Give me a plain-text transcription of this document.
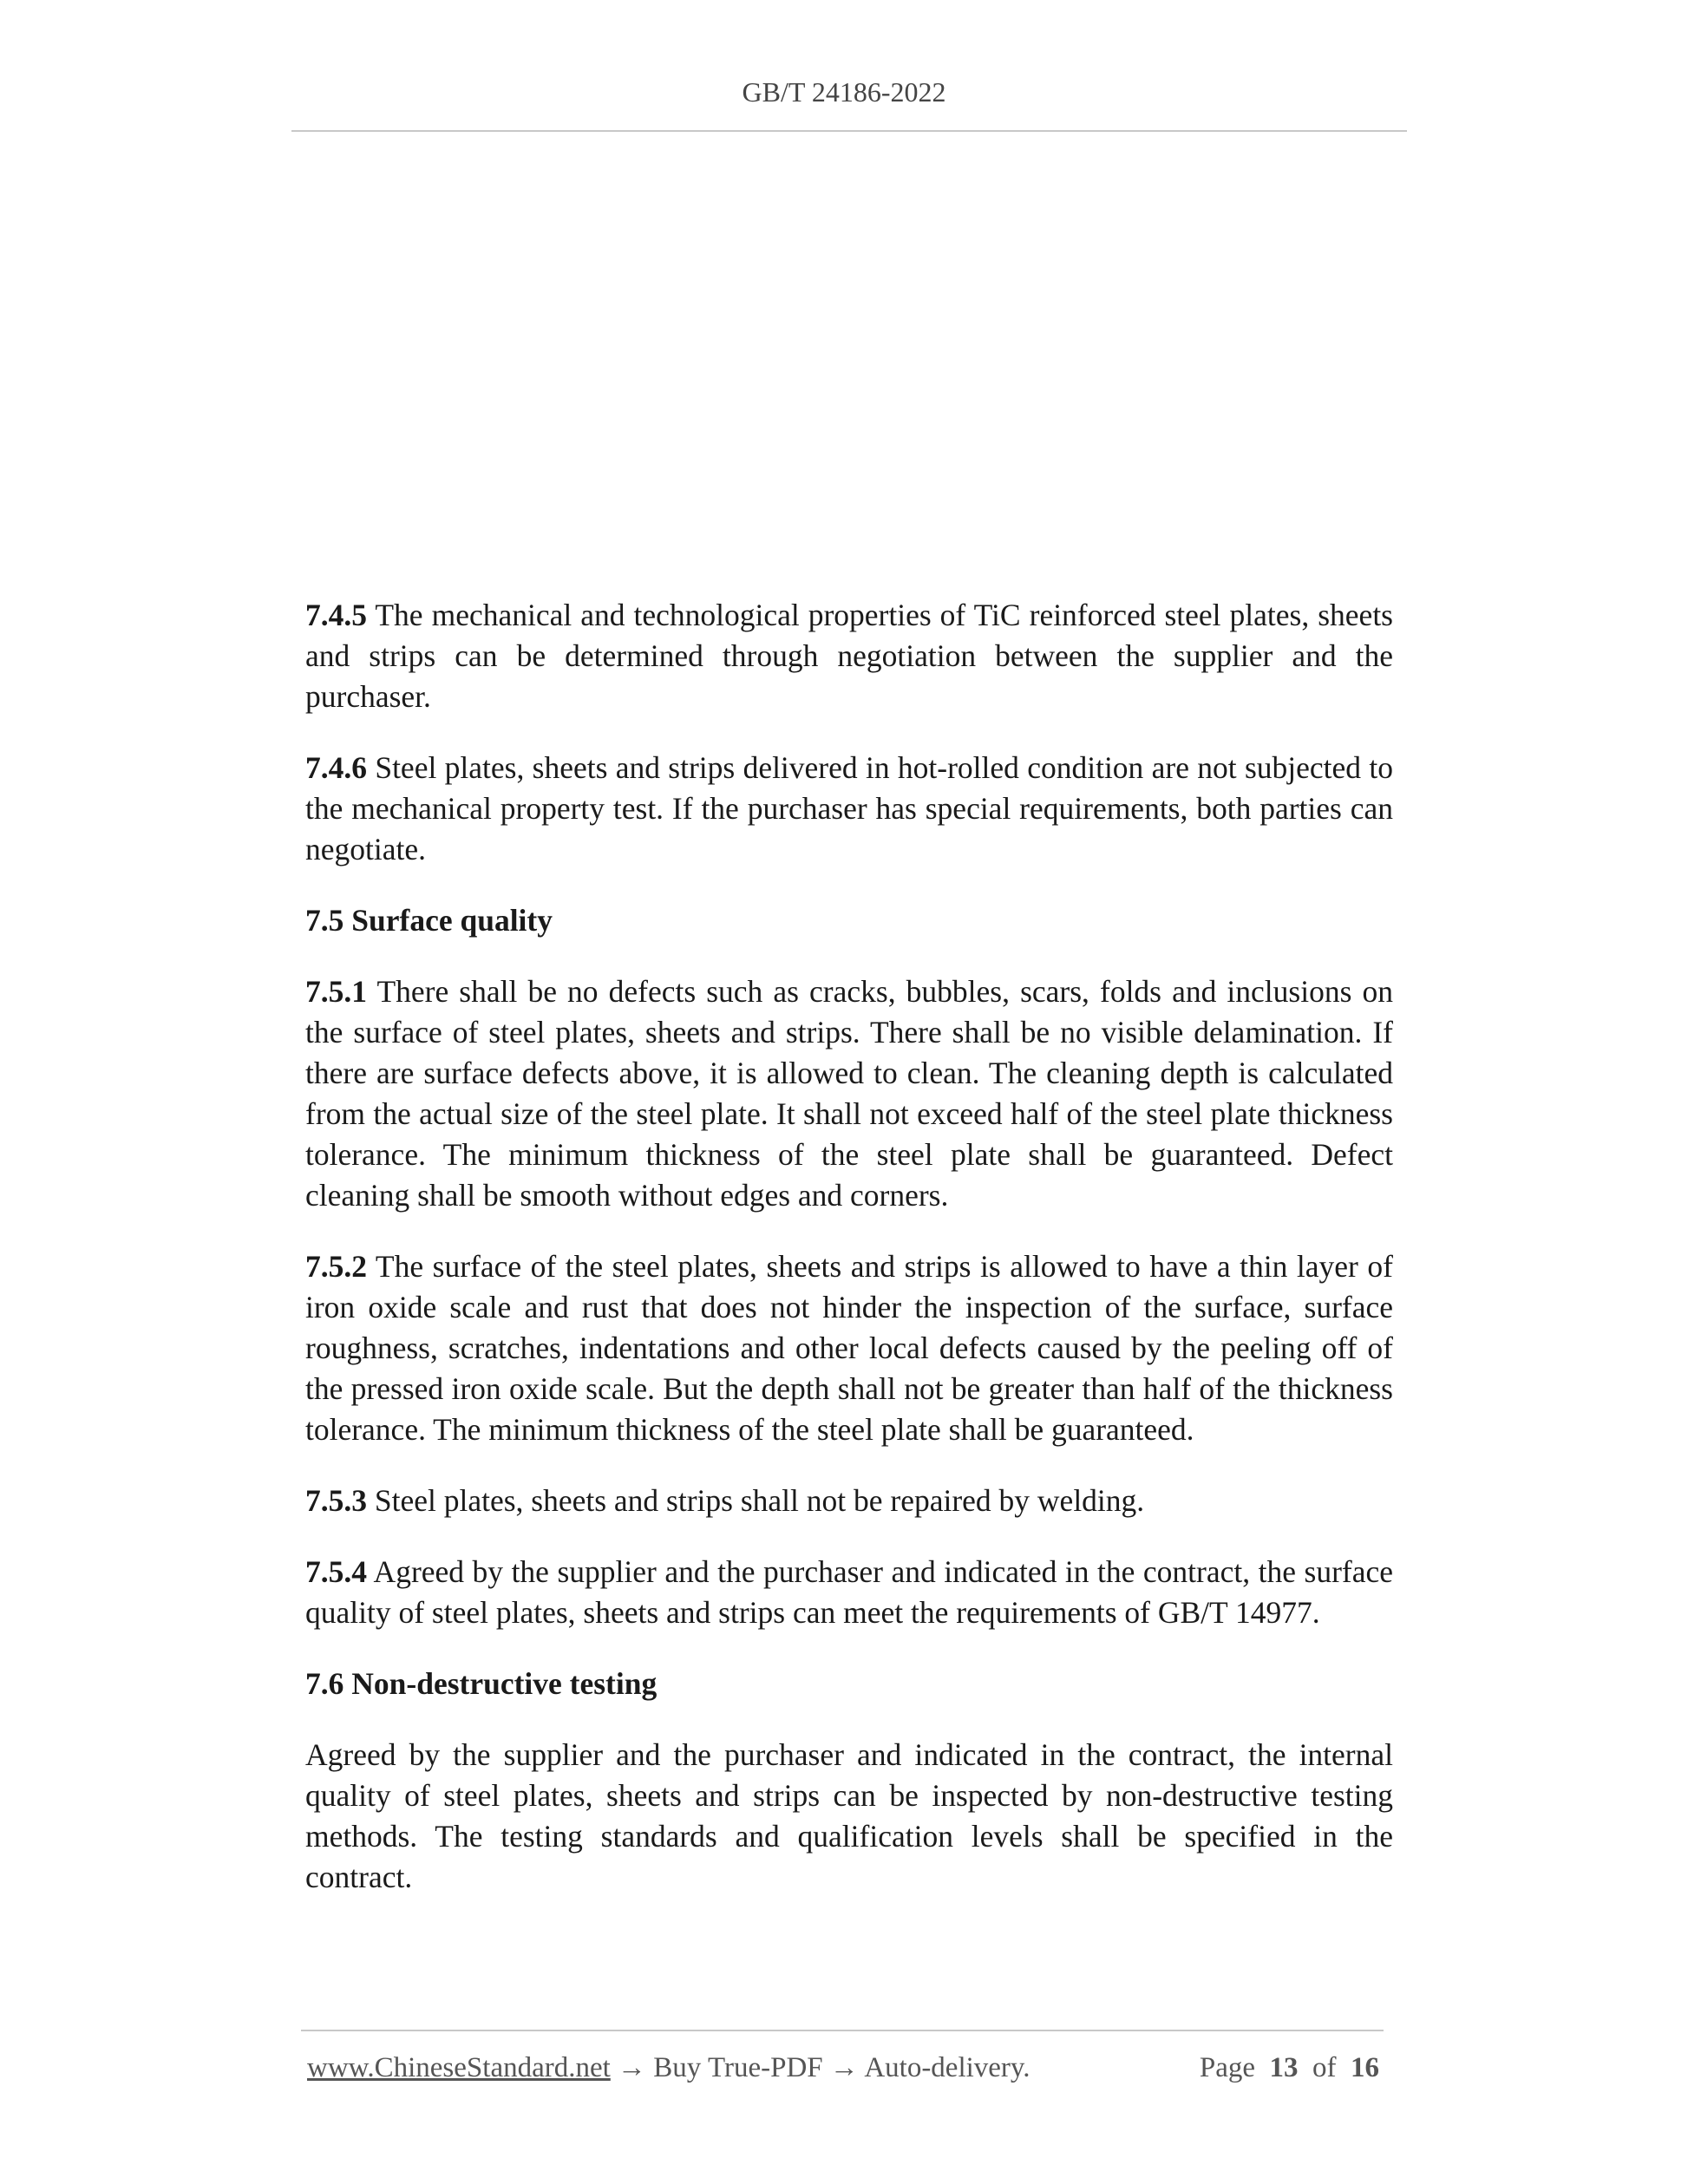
GB/T 24186-2022

7.4.5 The mechanical and technological properties of TiC reinforced steel plates, sheets and strips can be determined through negotiation between the supplier and the purchaser.

7.4.6 Steel plates, sheets and strips delivered in hot-rolled condition are not subjected to the mechanical property test. If the purchaser has special requirements, both parties can negotiate.

7.5 Surface quality

7.5.1 There shall be no defects such as cracks, bubbles, scars, folds and inclusions on the surface of steel plates, sheets and strips. There shall be no visible delamination. If there are surface defects above, it is allowed to clean. The cleaning depth is calculated from the actual size of the steel plate. It shall not exceed half of the steel plate thickness tolerance. The minimum thickness of the steel plate shall be guaranteed. Defect cleaning shall be smooth without edges and corners.

7.5.2 The surface of the steel plates, sheets and strips is allowed to have a thin layer of iron oxide scale and rust that does not hinder the inspection of the surface, surface roughness, scratches, indentations and other local defects caused by the peeling off of the pressed iron oxide scale. But the depth shall not be greater than half of the thickness tolerance. The minimum thickness of the steel plate shall be guaranteed.

7.5.3 Steel plates, sheets and strips shall not be repaired by welding.

7.5.4 Agreed by the supplier and the purchaser and indicated in the contract, the surface quality of steel plates, sheets and strips can meet the requirements of GB/T 14977.

7.6 Non-destructive testing

Agreed by the supplier and the purchaser and indicated in the contract, the internal quality of steel plates, sheets and strips can be inspected by non-destructive testing methods. The testing standards and qualification levels shall be specified in the contract.

www.ChineseStandard.net → Buy True-PDF → Auto-delivery.	Page 13 of 16
